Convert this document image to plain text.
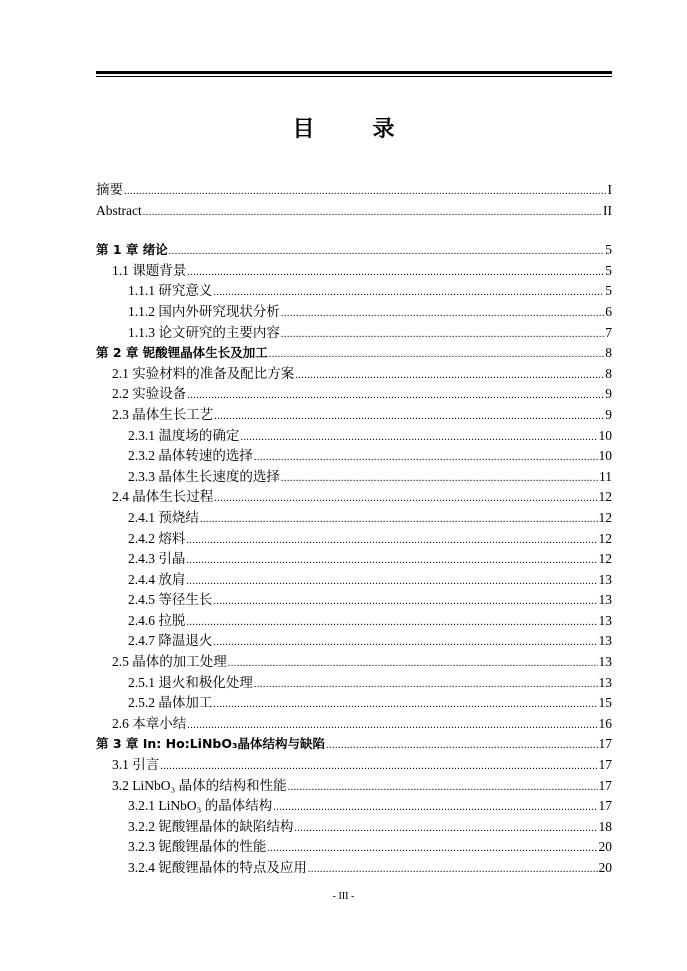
目　录
摘要 .....	I
Abstract .....	II
第 1 章 绪论 .....	5
1.1 课题背景 .....	5
1.1.1 研究意义 .....	5
1.1.2 国内外研究现状分析 .....	6
1.1.3 论文研究的主要内容 .....	7
第 2 章 铌酸锂晶体生长及加工 .....	8
2.1 实验材料的准备及配比方案 .....	8
2.2 实验设备 .....	9
2.3 晶体生长工艺 .....	9
2.3.1 温度场的确定 .....	10
2.3.2 晶体转速的选择 .....	10
2.3.3 晶体生长速度的选择 .....	11
2.4 晶体生长过程 .....	12
2.4.1 预烧结 .....	12
2.4.2 熔料 .....	12
2.4.3 引晶 .....	12
2.4.4 放肩 .....	13
2.4.5 等径生长 .....	13
2.4.6 拉脱 .....	13
2.4.7 降温退火 .....	13
2.5 晶体的加工处理 .....	13
2.5.1 退火和极化处理 .....	13
2.5.2 晶体加工 .....	15
2.6 本章小结 .....	16
第 3 章 In: Ho:LiNbO₃晶体结构与缺陷 .....	17
3.1 引言 .....	17
3.2 LiNbO₃ 晶体的结构和性能 .....	17
3.2.1 LiNbO₃ 的晶体结构 .....	17
3.2.2 铌酸锂晶体的缺陷结构 .....	18
3.2.3 铌酸锂晶体的性能 .....	20
3.2.4 铌酸锂晶体的特点及应用 .....	20
- III -
